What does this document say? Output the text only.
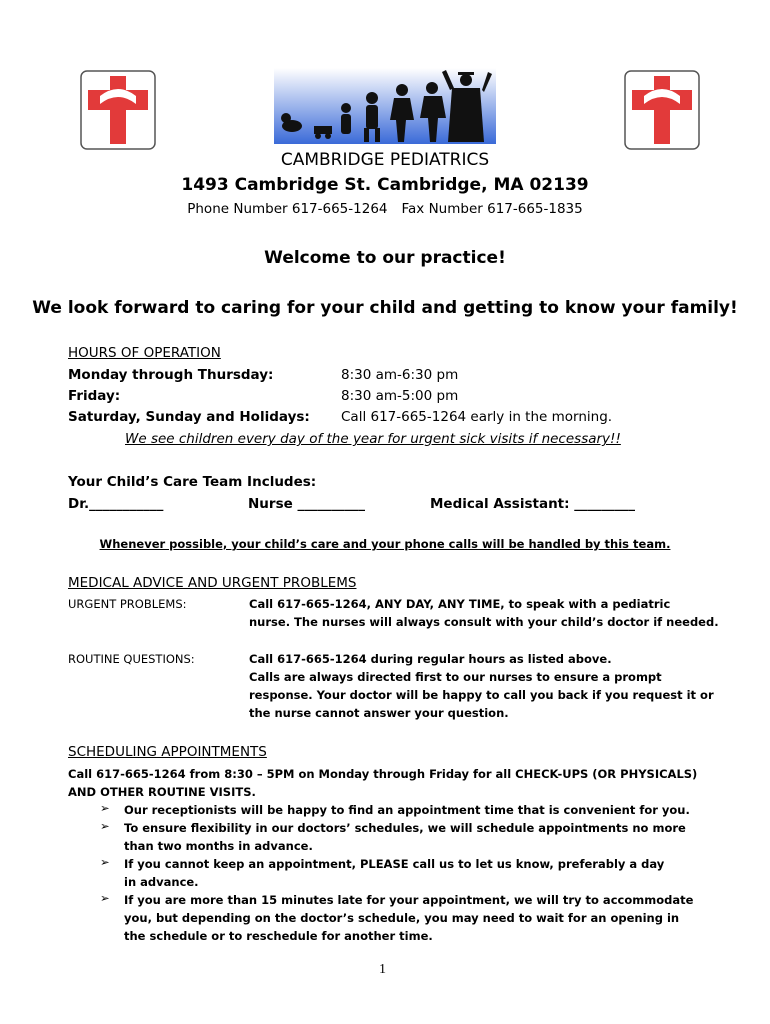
CAMBRIDGE PEDIATRICS
1493 Cambridge St. Cambridge, MA 02139
Phone Number 617-665-1264 Fax Number 617-665-1835
Welcome to our practice!
We look forward to caring for your child and getting to know your family!
HOURS OF OPERATION
Monday through Thursday:	8:30 am-6:30 pm
Friday:	8:30 am-5:00 pm
Saturday, Sunday and Holidays: Call 617-665-1264 early in the morning.
We see children every day of the year for urgent sick visits if necessary!!
Your Child’s Care Team Includes:
Dr.___________	Nurse __________	Medical Assistant: _________
Whenever possible, your child’s care and your phone calls will be handled by this team.
MEDICAL ADVICE AND URGENT PROBLEMS
URGENT PROBLEMS:	Call 617-665-1264, ANY DAY, ANY TIME, to speak with a pediatric
nurse. The nurses will always consult with your child’s doctor if needed.
ROUTINE QUESTIONS:	Call 617-665-1264 during regular hours as listed above.
Calls are always directed first to our nurses to ensure a prompt
response. Your doctor will be happy to call you back if you request it or
the nurse cannot answer your question.
SCHEDULING APPOINTMENTS
Call 617-665-1264 from 8:30 – 5PM on Monday through Friday for all CHECK-UPS (OR PHYSICALS)
AND OTHER ROUTINE VISITS.
➢ Our receptionists will be happy to find an appointment time that is convenient for you.
➢ To ensure flexibility in our doctors’ schedules, we will schedule appointments no more than two months in advance.
➢ If you cannot keep an appointment, PLEASE call us to let us know, preferably a day in advance.
➢ If you are more than 15 minutes late for your appointment, we will try to accommodate you, but depending on the doctor’s schedule, you may need to wait for an opening in the schedule or to reschedule for another time.
1
